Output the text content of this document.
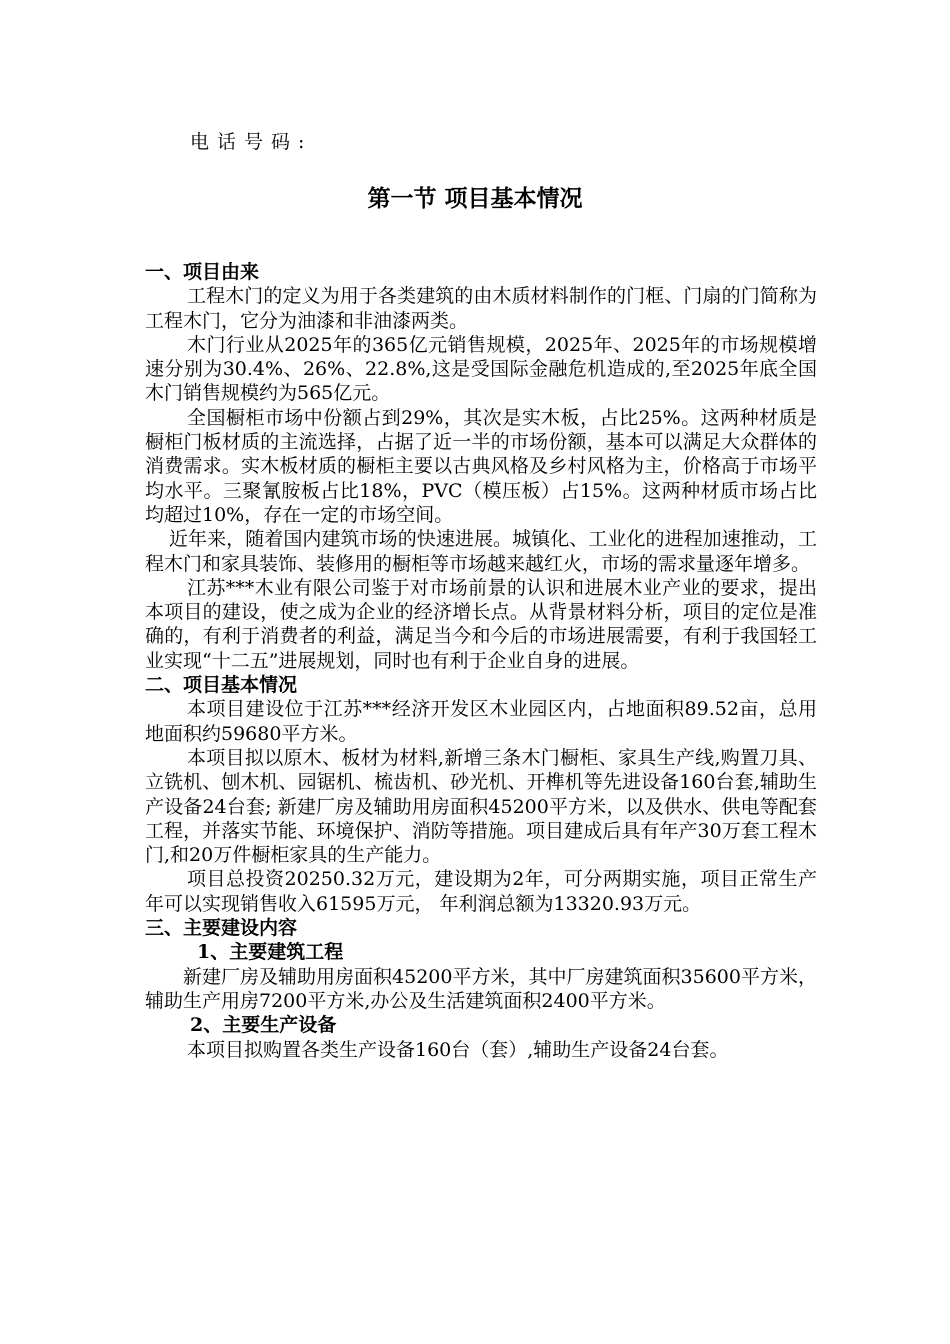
电话号码:
第一节 项目基本情况
一、项目由来

工程木门的定义为用于各类建筑的由木质材料制作的门框、门扇的门简称为工程木门，它分为油漆和非油漆两类。

木门行业从2025年的365亿元销售规模，2025年、2025年的市场规模增速分别为30.4%、26%、22.8%,这是受国际金融危机造成的,至2025年底全国木门销售规模约为565亿元。

全国橱柜市场中份额占到29%，其次是实木板，占比25%。这两种材质是橱柜门板材质的主流选择，占据了近一半的市场份额，基本可以满足大众群体的消费需求。实木板材质的橱柜主要以古典风格及乡村风格为主，价格高于市场平均水平。三聚氰胺板占比18%，PVC（模压板）占15%。这两种材质市场占比均超过10%，存在一定的市场空间。

近年来，随着国内建筑市场的快速进展。城镇化、工业化的进程加速推动，工程木门和家具装饰、装修用的橱柜等市场越来越红火，市场的需求量逐年增多。

江苏***木业有限公司鉴于对市场前景的认识和进展木业产业的要求，提出本项目的建设，使之成为企业的经济增长点。从背景材料分析，项目的定位是准确的，有利于消费者的利益，满足当今和今后的市场进展需要，有利于我国轻工业实现“十二五”进展规划，同时也有利于企业自身的进展。

二、项目基本情况

本项目建设位于江苏***经济开发区木业园区内，占地面积89.52亩，总用地面积约59680平方米。

本项目拟以原木、板材为材料,新增三条木门橱柜、家具生产线,购置刀具、 立铣机、刨木机、园锯机、梳齿机、砂光机、开榫机等先进设备160台套,辅助生产设备24台套; 新建厂房及辅助用房面积45200平方米，以及供水、供电等配套工程，并落实节能、环境保护、消防等措施。项目建成后具有年产30万套工程木门,和20万件橱柜家具的生产能力。

项目总投资20250.32万元，建设期为2年，可分两期实施，项目正常生产年可以实现销售收入61595万元， 年利润总额为13320.93万元。

三、主要建设内容
1、主要建筑工程

新建厂房及辅助用房面积45200平方米，其中厂房建筑面积35600平方米，辅助生产用房7200平方米,办公及生活建筑面积2400平方米。

2、主要生产设备

本项目拟购置各类生产设备160台（套）,辅助生产设备24台套。
